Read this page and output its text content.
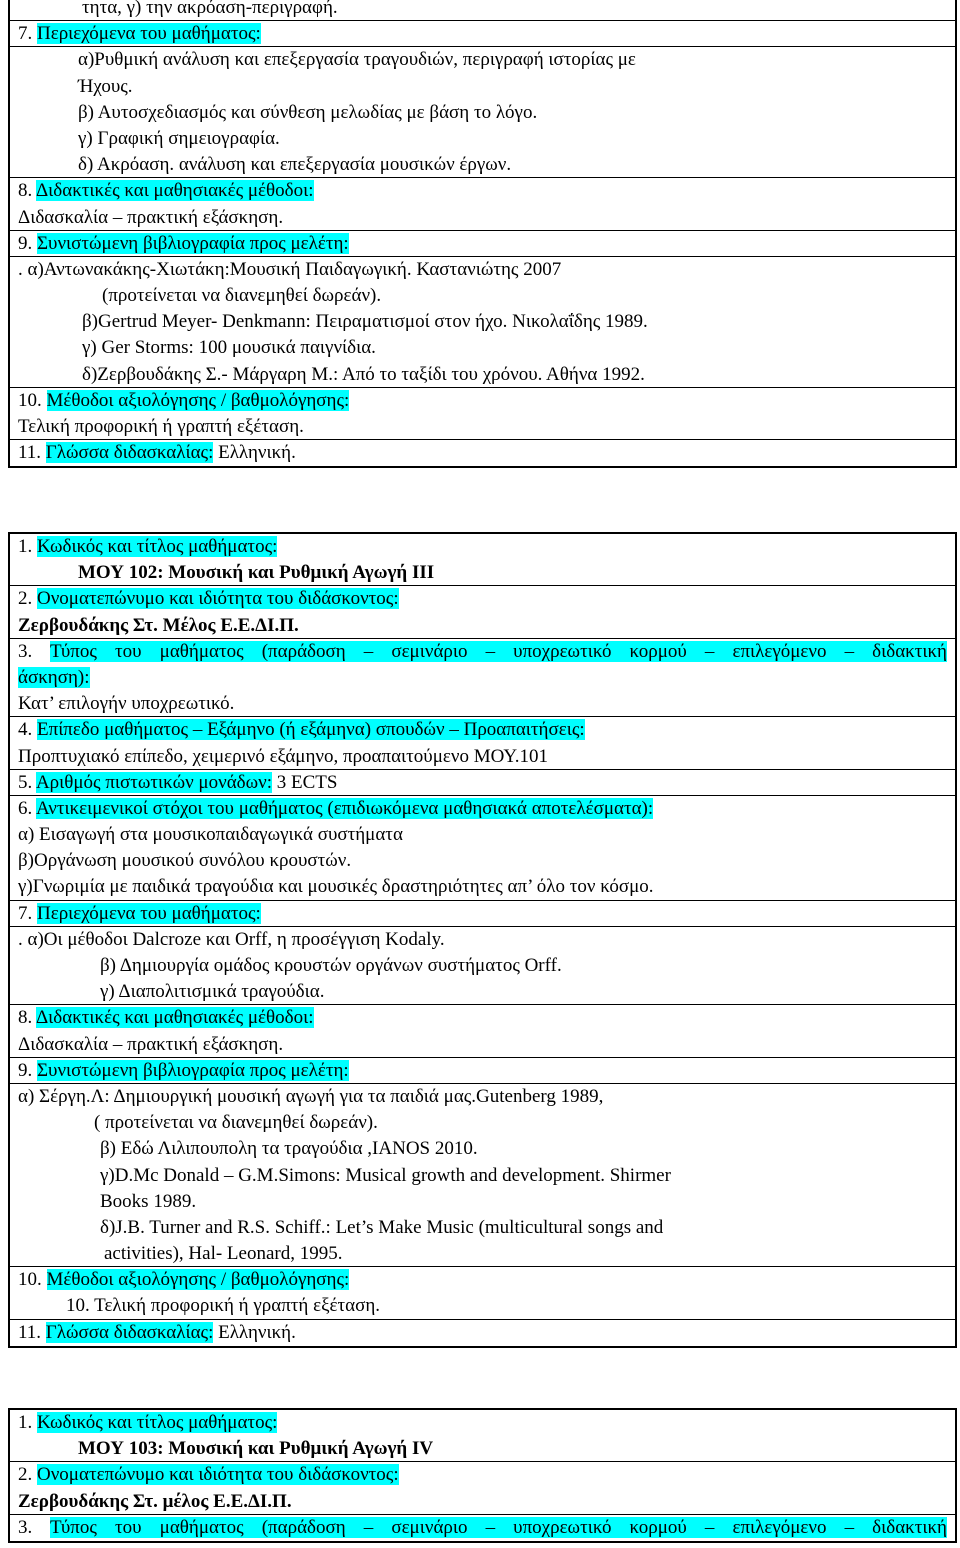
τητα, γ) την ακρόαση-περιγραφή.
7. Περιεχόμενα του μαθήματος:
α)Ρυθμική ανάλυση και επεξεργασία τραγουδιών, περιγραφή ιστορίας με
Ήχους.
β) Αυτοσχεδιασμός και σύνθεση μελωδίας με βάση το λόγο.
γ) Γραφική σημειογραφία.
δ) Ακρόαση. ανάλυση και επεξεργασία μουσικών έργων.
8. Διδακτικές και μαθησιακές μέθοδοι:
Διδασκαλία – πρακτική εξάσκηση.
9. Συνιστώμενη βιβλιογραφία προς μελέτη:
. α)Αντωνακάκης-Χιωτάκη:Μουσική Παιδαγωγική. Καστανιώτης 2007
(προτείνεται να διανεμηθεί δωρεάν).
β)Gertrud Meyer- Denkmann: Πειραματισμοί στον ήχο. Νικολαΐδης 1989.
γ) Ger Storms: 100 μουσικά παιγνίδια.
δ)Ζερβουδάκης Σ.- Μάργαρη Μ.: Από το ταξίδι του χρόνου. Αθήνα 1992.
10. Μέθοδοι αξιολόγησης / βαθμολόγησης:
Τελική προφορική ή γραπτή εξέταση.
11. Γλώσσα διδασκαλίας: Ελληνική.
1. Κωδικός και τίτλος μαθήματος:
ΜΟΥ 102: Μουσική και Ρυθμική Αγωγή ΙΙΙ
2. Ονοματεπώνυμο και ιδιότητα του διδάσκοντος:
Ζερβουδάκης Στ. Μέλος Ε.Ε.ΔΙ.Π.
3. Τύπος του μαθήματος (παράδοση – σεμινάριο – υποχρεωτικό κορμού – επιλεγόμενο – διδακτική
άσκηση):
Κατ’ επιλογήν υποχρεωτικό.
4. Επίπεδο μαθήματος – Εξάμηνο (ή εξάμηνα) σπουδών – Προαπαιτήσεις:
Προπτυχιακό επίπεδο, χειμερινό εξάμηνο, προαπαιτούμενο ΜΟΥ.101
5. Αριθμός πιστωτικών μονάδων: 3 ECTS
6. Αντικειμενικοί στόχοι του μαθήματος (επιδιωκόμενα μαθησιακά αποτελέσματα):
α) Εισαγωγή στα μουσικοπαιδαγωγικά συστήματα
β)Οργάνωση μουσικού συνόλου κρουστών.
γ)Γνωριμία με παιδικά τραγούδια και μουσικές δραστηριότητες απ’ όλο τον κόσμο.
7. Περιεχόμενα του μαθήματος:
. α)Οι μέθοδοι Dalcroze και Orff, η προσέγγιση Kodaly.
β) Δημιουργία ομάδος κρουστών οργάνων συστήματος Orff.
γ) Διαπολιτισμικά τραγούδια.
8. Διδακτικές και μαθησιακές μέθοδοι:
Διδασκαλία – πρακτική εξάσκηση.
9. Συνιστώμενη βιβλιογραφία προς μελέτη:
α) Σέργη.Λ: Δημιουργική μουσική αγωγή για τα παιδιά μας.Gutenberg 1989,
( προτείνεται να διανεμηθεί δωρεάν).
β) Εδώ Λιλιπουπολη τα τραγούδια ,ΙΑΝΟS 2010.
γ)D.Mc Donald – G.M.Simons: Musical growth and development. Shirmer
Books 1989.
δ)J.B. Turner and R.S. Schiff.: Let’s Make Music (multicultural songs and
activities), Hal- Leonard, 1995.
10. Μέθοδοι αξιολόγησης / βαθμολόγησης:
10. Τελική προφορική ή γραπτή εξέταση.
11. Γλώσσα διδασκαλίας: Ελληνική.
1. Κωδικός και τίτλος μαθήματος:
ΜΟΥ 103: Μουσική και Ρυθμική Αγωγή ΙV
2. Ονοματεπώνυμο και ιδιότητα του διδάσκοντος:
Ζερβουδάκης Στ. μέλος Ε.Ε.ΔΙ.Π.
3. Τύπος του μαθήματος (παράδοση – σεμινάριο – υποχρεωτικό κορμού – επιλεγόμενο – διδακτική
